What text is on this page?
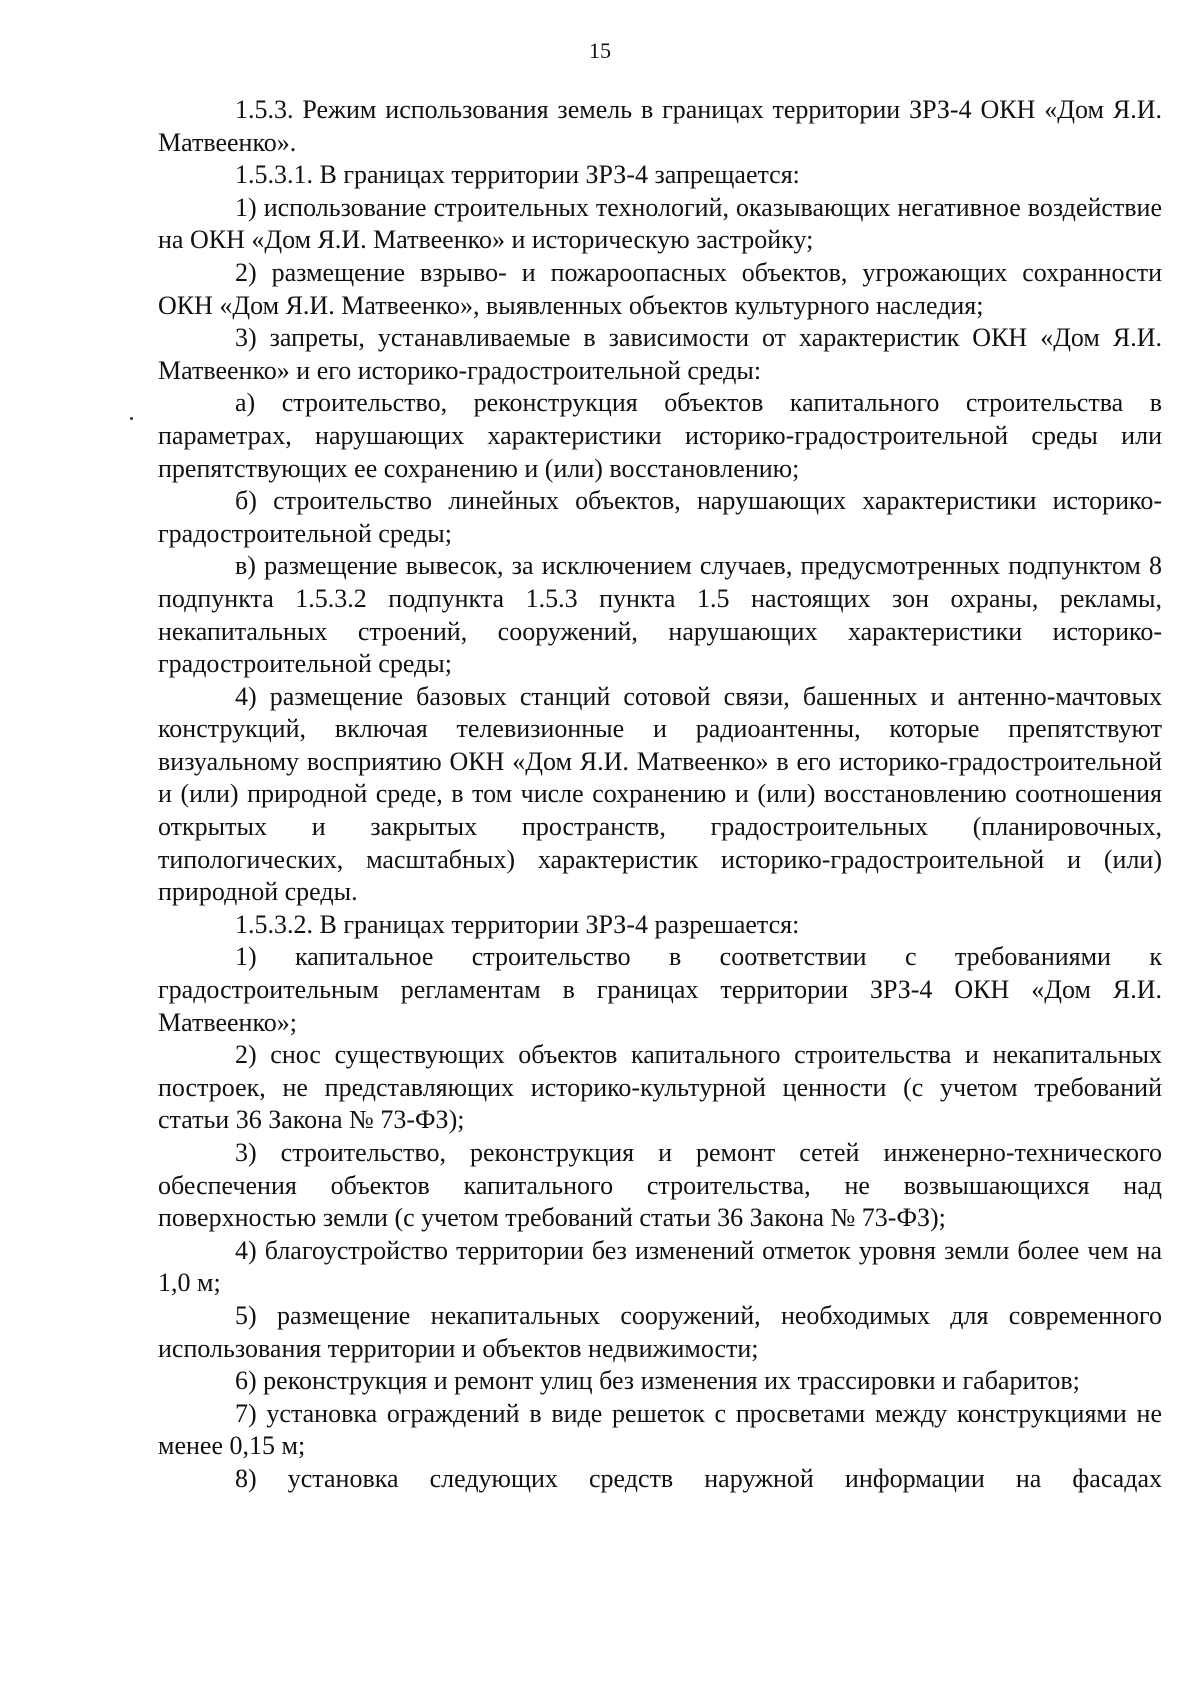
15

1.5.3. Режим использования земель в границах территории ЗРЗ-4 ОКН «Дом Я.И. Матвеенко».

1.5.3.1. В границах территории ЗРЗ-4 запрещается:

1) использование строительных технологий, оказывающих негативное воздействие на ОКН «Дом Я.И. Матвеенко» и историческую застройку;

2) размещение взрыво- и пожароопасных объектов, угрожающих сохранности ОКН «Дом Я.И. Матвеенко», выявленных объектов культурного наследия;

3) запреты, устанавливаемые в зависимости от характеристик ОКН «Дом Я.И. Матвеенко» и его историко-градостроительной среды:

а) строительство, реконструкция объектов капитального строительства в параметрах, нарушающих характеристики историко-градостроительной среды или препятствующих ее сохранению и (или) восстановлению;

б) строительство линейных объектов, нарушающих характеристики историко-градостроительной среды;

в) размещение вывесок, за исключением случаев, предусмотренных подпунктом 8 подпункта 1.5.3.2 подпункта 1.5.3 пункта 1.5 настоящих зон охраны, рекламы, некапитальных строений, сооружений, нарушающих характеристики историко-градостроительной среды;

4) размещение базовых станций сотовой связи, башенных и антенно-мачтовых конструкций, включая телевизионные и радиоантенны, которые препятствуют визуальному восприятию ОКН «Дом Я.И. Матвеенко» в его историко-градостроительной и (или) природной среде, в том числе сохранению и (или) восстановлению соотношения открытых и закрытых пространств, градостроительных (планировочных, типологических, масштабных) характеристик историко-градостроительной и (или) природной среды.

1.5.3.2. В границах территории ЗРЗ-4 разрешается:

1) капитальное строительство в соответствии с требованиями к градостроительным регламентам в границах территории ЗРЗ-4 ОКН «Дом Я.И. Матвеенко»;

2) снос существующих объектов капитального строительства и некапитальных построек, не представляющих историко-культурной ценности (с учетом требований статьи 36 Закона № 73-ФЗ);

3) строительство, реконструкция и ремонт сетей инженерно-технического обеспечения объектов капитального строительства, не возвышающихся над поверхностью земли (с учетом требований статьи 36 Закона № 73-ФЗ);

4) благоустройство территории без изменений отметок уровня земли более чем на 1,0 м;

5) размещение некапитальных сооружений, необходимых для современного использования территории и объектов недвижимости;

6) реконструкция и ремонт улиц без изменения их трассировки и габаритов;

7) установка ограждений в виде решеток с просветами между конструкциями не менее 0,15 м;

8) установка следующих средств наружной информации на фасадах
